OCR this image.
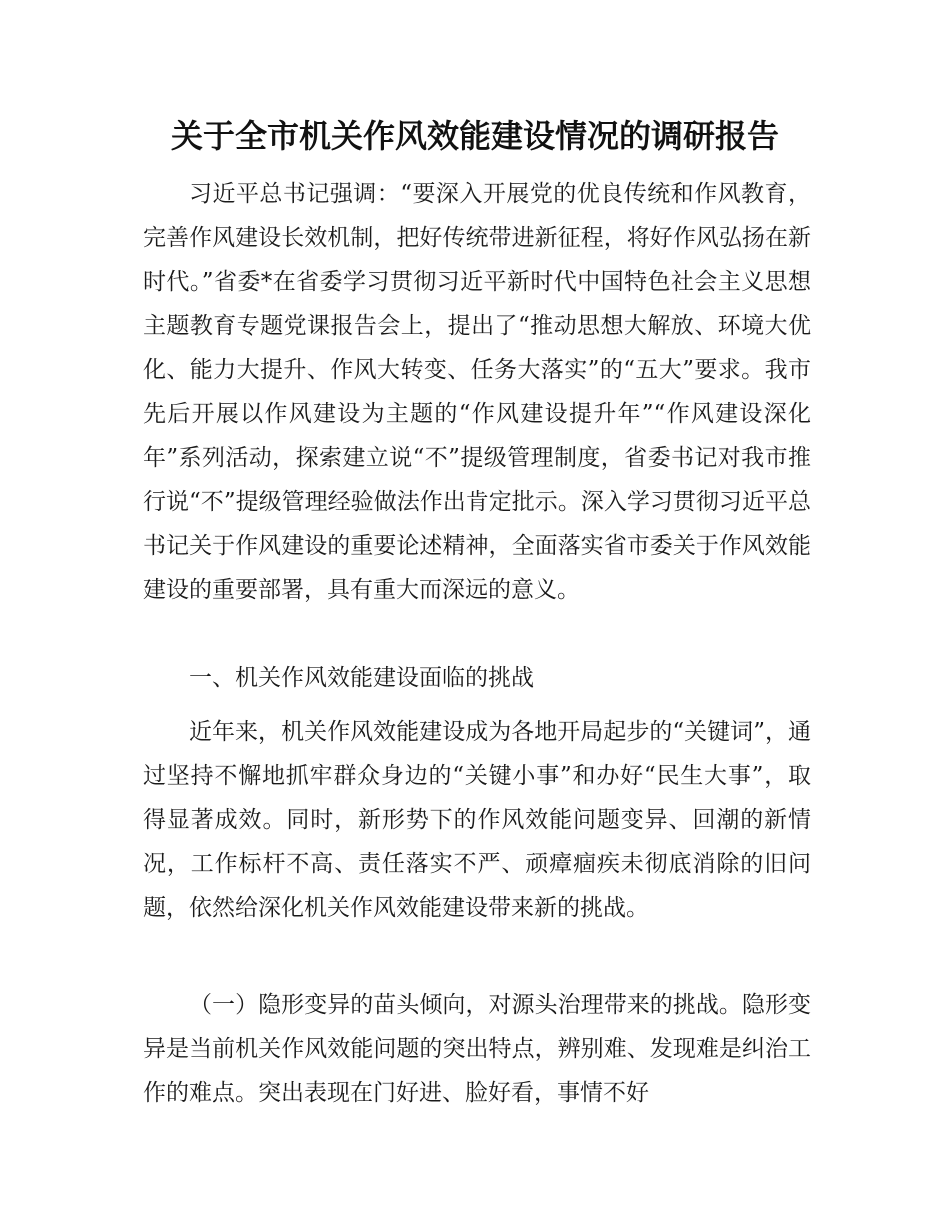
关于全市机关作风效能建设情况的调研报告

习近平总书记强调：“要深入开展党的优良传统和作风教育，完善作风建设长效机制，把好传统带进新征程，将好作风弘扬在新时代。”省委*在省委学习贯彻习近平新时代中国特色社会主义思想主题教育专题党课报告会上，提出了“推动思想大解放、环境大优化、能力大提升、作风大转变、任务大落实”的“五大”要求。我市先后开展以作风建设为主题的“作风建设提升年”“作风建设深化年”系列活动，探索建立说“不”提级管理制度，省委书记对我市推行说“不”提级管理经验做法作出肯定批示。深入学习贯彻习近平总书记关于作风建设的重要论述精神，全面落实省市委关于作风效能建设的重要部署，具有重大而深远的意义。

一、机关作风效能建设面临的挑战

近年来，机关作风效能建设成为各地开局起步的“关键词”，通过坚持不懈地抓牢群众身边的“关键小事”和办好“民生大事”，取得显著成效。同时，新形势下的作风效能问题变异、回潮的新情况，工作标杆不高、责任落实不严、顽瘴痼疾未彻底消除的旧问题，依然给深化机关作风效能建设带来新的挑战。

（一）隐形变异的苗头倾向，对源头治理带来的挑战。隐形变异是当前机关作风效能问题的突出特点，辨别难、发现难是纠治工作的难点。突出表现在门好进、脸好看，事情不好
